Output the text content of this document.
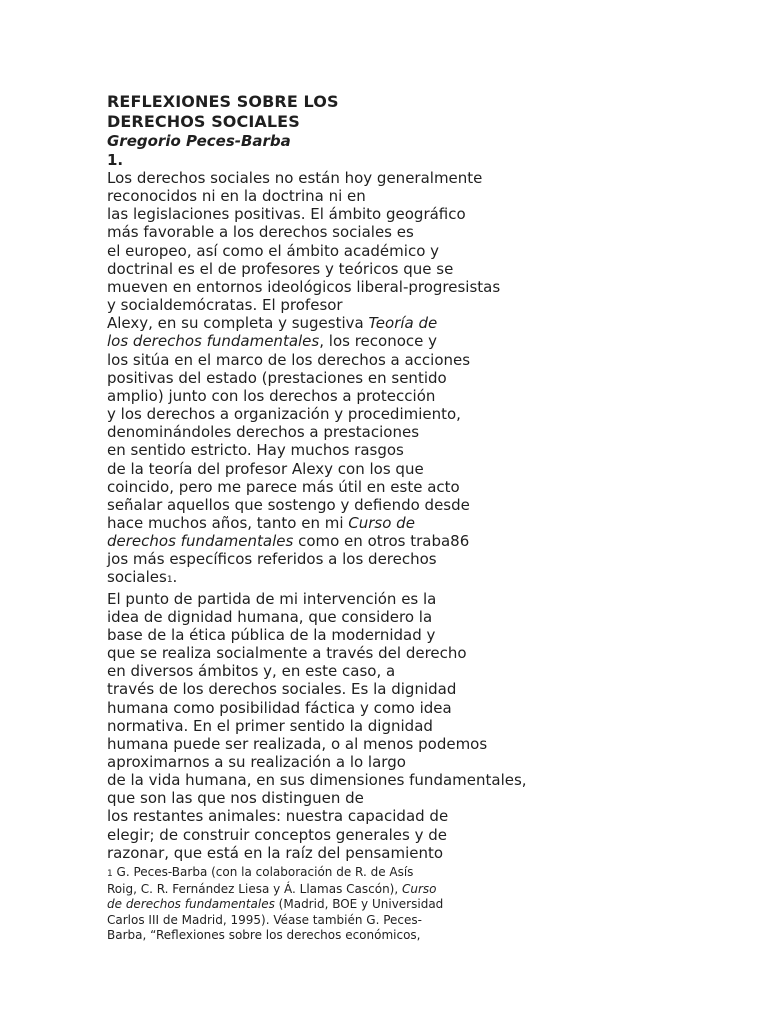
REFLEXIONES SOBRE LOS
DERECHOS SOCIALES
Gregorio Peces-Barba
1.
Los derechos sociales no están hoy generalmente
reconocidos ni en la doctrina ni en
las legislaciones positivas. El ámbito geográfico
más favorable a los derechos sociales es
el europeo, así como el ámbito académico y
doctrinal es el de profesores y teóricos que se
mueven en entornos ideológicos liberal-progresistas
y socialdemócratas. El profesor
Alexy, en su completa y sugestiva Teoría de
los derechos fundamentales, los reconoce y
los sitúa en el marco de los derechos a acciones
positivas del estado (prestaciones en sentido
amplio) junto con los derechos a protección
y los derechos a organización y procedimiento,
denominándoles derechos a prestaciones
en sentido estricto. Hay muchos rasgos
de la teoría del profesor Alexy con los que
coincido, pero me parece más útil en este acto
señalar aquellos que sostengo y defiendo desde
hace muchos años, tanto en mi Curso de
derechos fundamentales como en otros traba86
jos más específicos referidos a los derechos
sociales1.
El punto de partida de mi intervención es la
idea de dignidad humana, que considero la
base de la ética pública de la modernidad y
que se realiza socialmente a través del derecho
en diversos ámbitos y, en este caso, a
través de los derechos sociales. Es la dignidad
humana como posibilidad fáctica y como idea
normativa. En el primer sentido la dignidad
humana puede ser realizada, o al menos podemos
aproximarnos a su realización a lo largo
de la vida humana, en sus dimensiones fundamentales,
que son las que nos distinguen de
los restantes animales: nuestra capacidad de
elegir; de construir conceptos generales y de
razonar, que está en la raíz del pensamiento
1 G. Peces-Barba (con la colaboración de R. de Asís
Roig, C. R. Fernández Liesa y Á. Llamas Cascón), Curso
de derechos fundamentales (Madrid, BOE y Universidad
Carlos III de Madrid, 1995). Véase también G. Peces-
Barba, “Reflexiones sobre los derechos económicos,
